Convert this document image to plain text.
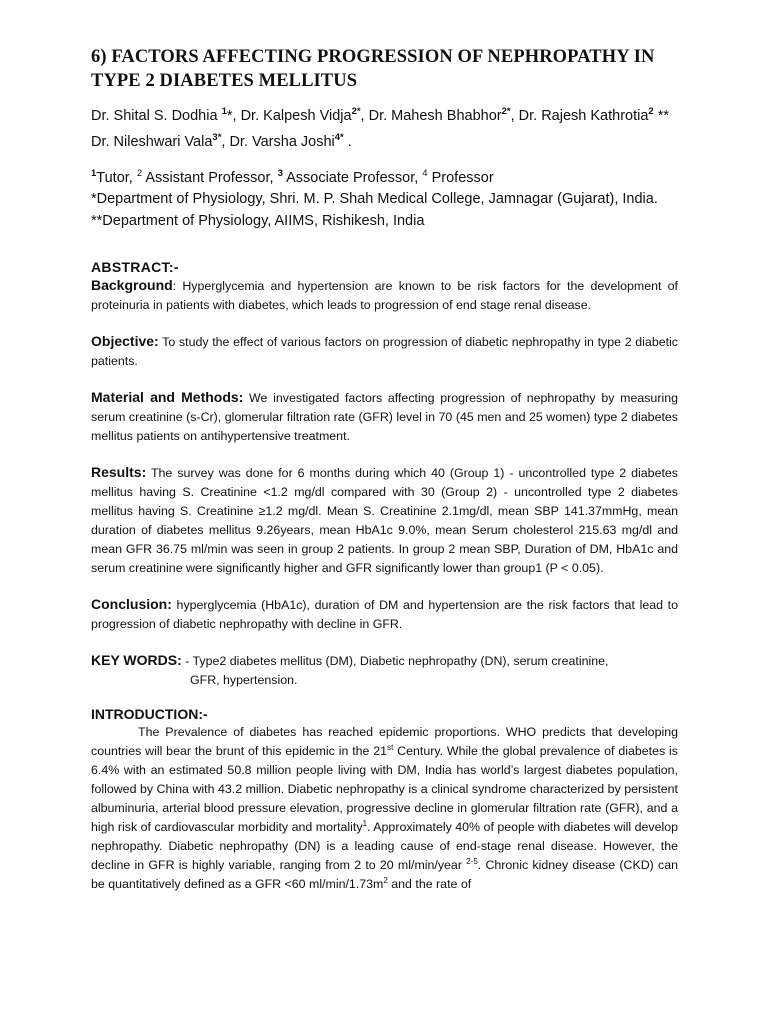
6) FACTORS AFFECTING PROGRESSION OF NEPHROPATHY IN TYPE 2 DIABETES MELLITUS
Dr. Shital S. Dodhia $^1$*, Dr. Kalpesh Vidja$^{2*}$, Dr. Mahesh Bhabhor$^{2*}$, Dr. Rajesh Kathrotia$^2$ ** Dr. Nileshwari Vala$^{3*}$, Dr. Varsha Joshi$^{4*}$ .
$^1$Tutor, $^2$ Assistant Professor, $^3$ Associate Professor, $^4$ Professor
*Department of Physiology, Shri. M. P. Shah Medical College, Jamnagar (Gujarat), India. **Department of Physiology, AIIMS, Rishikesh, India
ABSTRACT:-

Background: Hyperglycemia and hypertension are known to be risk factors for the development of proteinuria in patients with diabetes, which leads to progression of end stage renal disease.

Objective: To study the effect of various factors on progression of diabetic nephropathy in type 2 diabetic patients.

Material and Methods: We investigated factors affecting progression of nephropathy by measuring serum creatinine (s-Cr), glomerular filtration rate (GFR) level in 70 (45 men and 25 women) type 2 diabetes mellitus patients on antihypertensive treatment.

Results: The survey was done for 6 months during which 40 (Group 1) - uncontrolled type 2 diabetes mellitus having S. Creatinine <1.2 mg/dl compared with 30 (Group 2) - uncontrolled type 2 diabetes mellitus having S. Creatinine ≥1.2 mg/dl. Mean S. Creatinine 2.1mg/dl, mean SBP 141.37mmHg, mean duration of diabetes mellitus 9.26years, mean HbA1c 9.0%, mean Serum cholesterol 215.63 mg/dl and mean GFR 36.75 ml/min was seen in group 2 patients. In group 2 mean SBP, Duration of DM, HbA1c and serum creatinine were significantly higher and GFR significantly lower than group1 (P < 0.05).

Conclusion: hyperglycemia (HbA1c), duration of DM and hypertension are the risk factors that lead to progression of diabetic nephropathy with decline in GFR.

KEY WORDS: - Type2 diabetes mellitus (DM), Diabetic nephropathy (DN), serum creatinine,
GFR, hypertension.

INTRODUCTION:-

The Prevalence of diabetes has reached epidemic proportions. WHO predicts that developing countries will bear the brunt of this epidemic in the 21st Century. While the global prevalence of diabetes is 6.4% with an estimated 50.8 million people living with DM, India has world’s largest diabetes population, followed by China with 43.2 million. Diabetic nephropathy is a clinical syndrome characterized by persistent albuminuria, arterial blood pressure elevation, progressive decline in glomerular filtration rate (GFR), and a high risk of cardiovascular morbidity and mortality$^1$. Approximately 40% of people with diabetes will develop nephropathy. Diabetic nephropathy (DN) is a leading cause of end-stage renal disease. However, the decline in GFR is highly variable, ranging from 2 to 20 ml/min/year $^{2-5}$. Chronic kidney disease (CKD) can be quantitatively defined as a GFR <60 ml/min/1.73m$^2$ and the rate of
